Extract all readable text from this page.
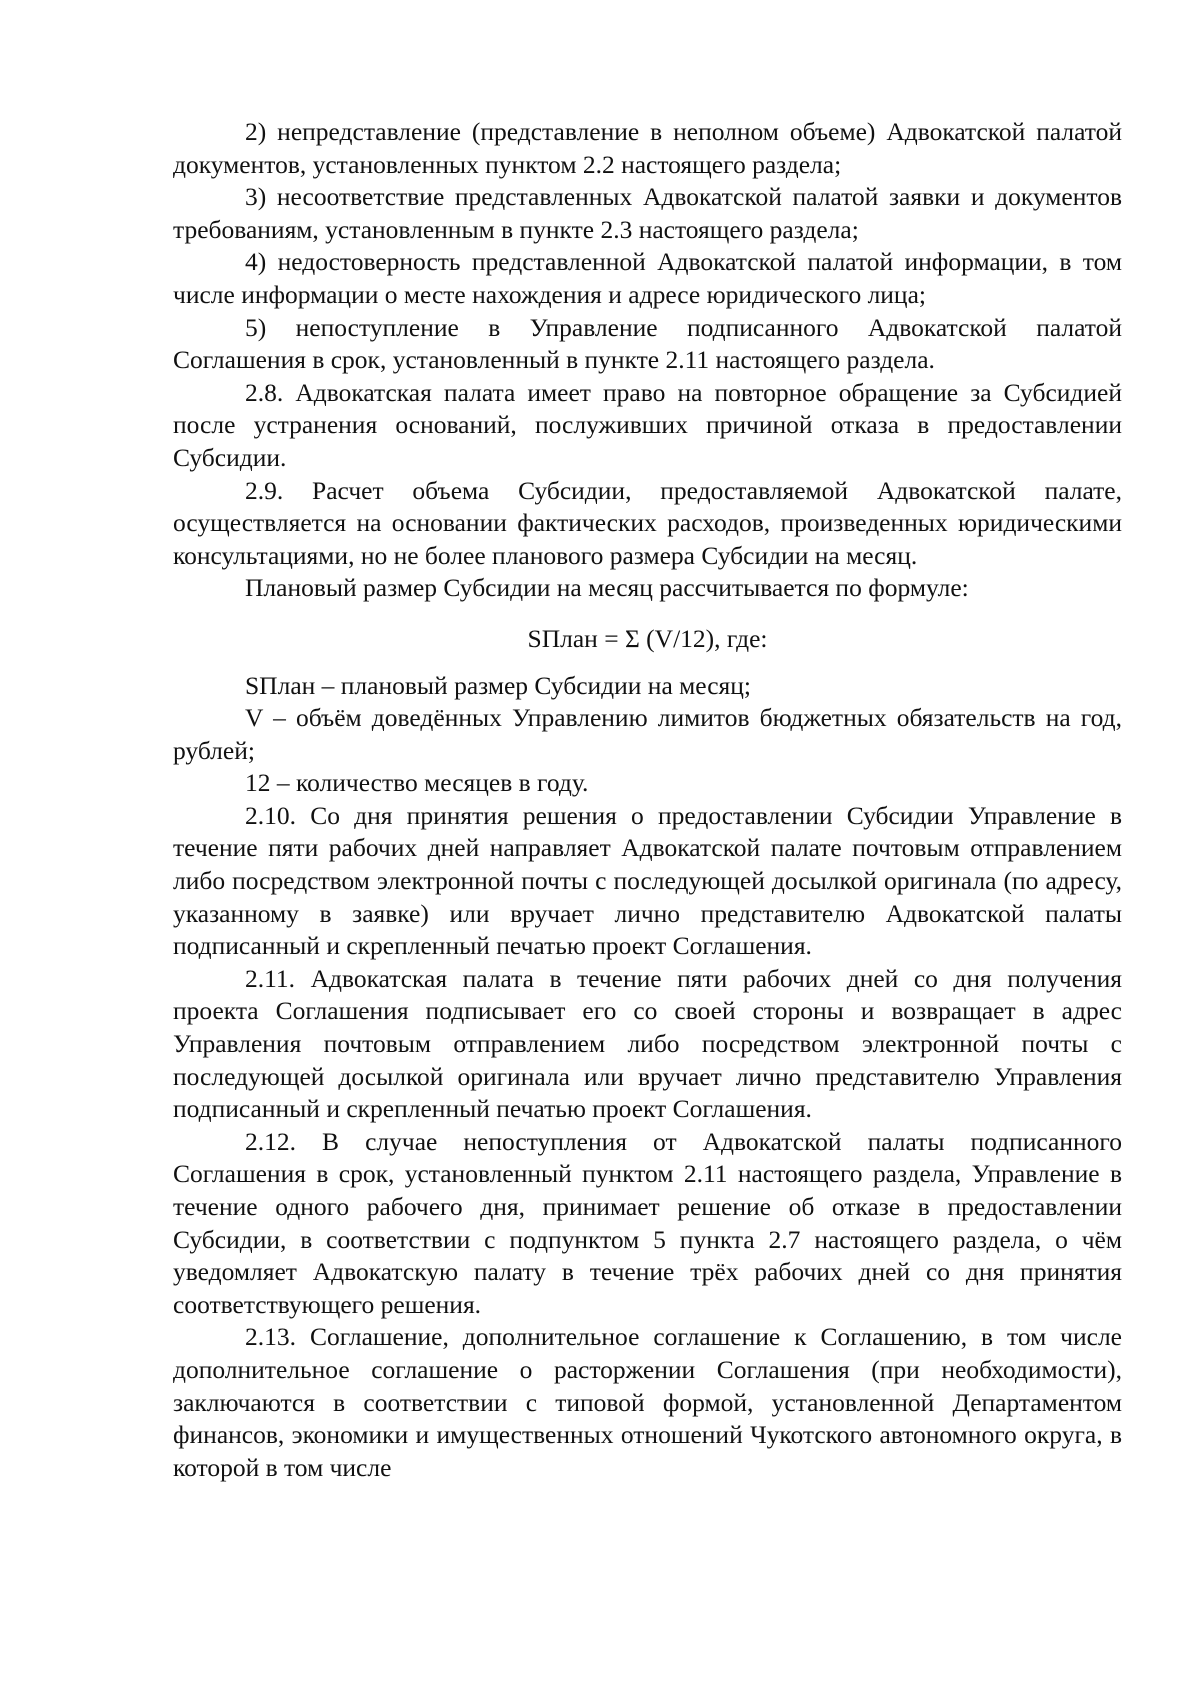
2) непредставление (представление в неполном объеме) Адвокатской палатой документов, установленных пунктом 2.2 настоящего раздела;

3) несоответствие представленных Адвокатской палатой заявки и документов требованиям, установленным в пункте 2.3 настоящего раздела;

4) недостоверность представленной Адвокатской палатой информации, в том числе информации о месте нахождения и адресе юридического лица;

5) непоступление в Управление подписанного Адвокатской палатой Соглашения в срок, установленный в пункте 2.11 настоящего раздела.

2.8. Адвокатская палата имеет право на повторное обращение за Субсидией после устранения оснований, послуживших причиной отказа в предоставлении Субсидии.

2.9. Расчет объема Субсидии, предоставляемой Адвокатской палате, осуществляется на основании фактических расходов, произведенных юридическими консультациями, но не более планового размера Субсидии на месяц.

Плановый размер Субсидии на месяц рассчитывается по формуле:

SПлан = Σ (V/12), где:

SПлан – плановый размер Субсидии на месяц;

V – объём доведённых Управлению лимитов бюджетных обязательств на год, рублей;

12 – количество месяцев в году.

2.10. Со дня принятия решения о предоставлении Субсидии Управление в течение пяти рабочих дней направляет Адвокатской палате почтовым отправлением либо посредством электронной почты с последующей досылкой оригинала (по адресу, указанному в заявке) или вручает лично представителю Адвокатской палаты подписанный и скрепленный печатью проект Соглашения.

2.11. Адвокатская палата в течение пяти рабочих дней со дня получения проекта Соглашения подписывает его со своей стороны и возвращает в адрес Управления почтовым отправлением либо посредством электронной почты с последующей досылкой оригинала или вручает лично представителю Управления подписанный и скрепленный печатью проект Соглашения.

2.12. В случае непоступления от Адвокатской палаты подписанного Соглашения в срок, установленный пунктом 2.11 настоящего раздела, Управление в течение одного рабочего дня, принимает решение об отказе в предоставлении Субсидии, в соответствии с подпунктом 5 пункта 2.7 настоящего раздела, о чём уведомляет Адвокатскую палату в течение трёх рабочих дней со дня принятия соответствующего решения.

2.13. Соглашение, дополнительное соглашение к Соглашению, в том числе дополнительное соглашение о расторжении Соглашения (при необходимости), заключаются в соответствии с типовой формой, установленной Департаментом финансов, экономики и имущественных отношений Чукотского автономного округа, в которой в том числе
